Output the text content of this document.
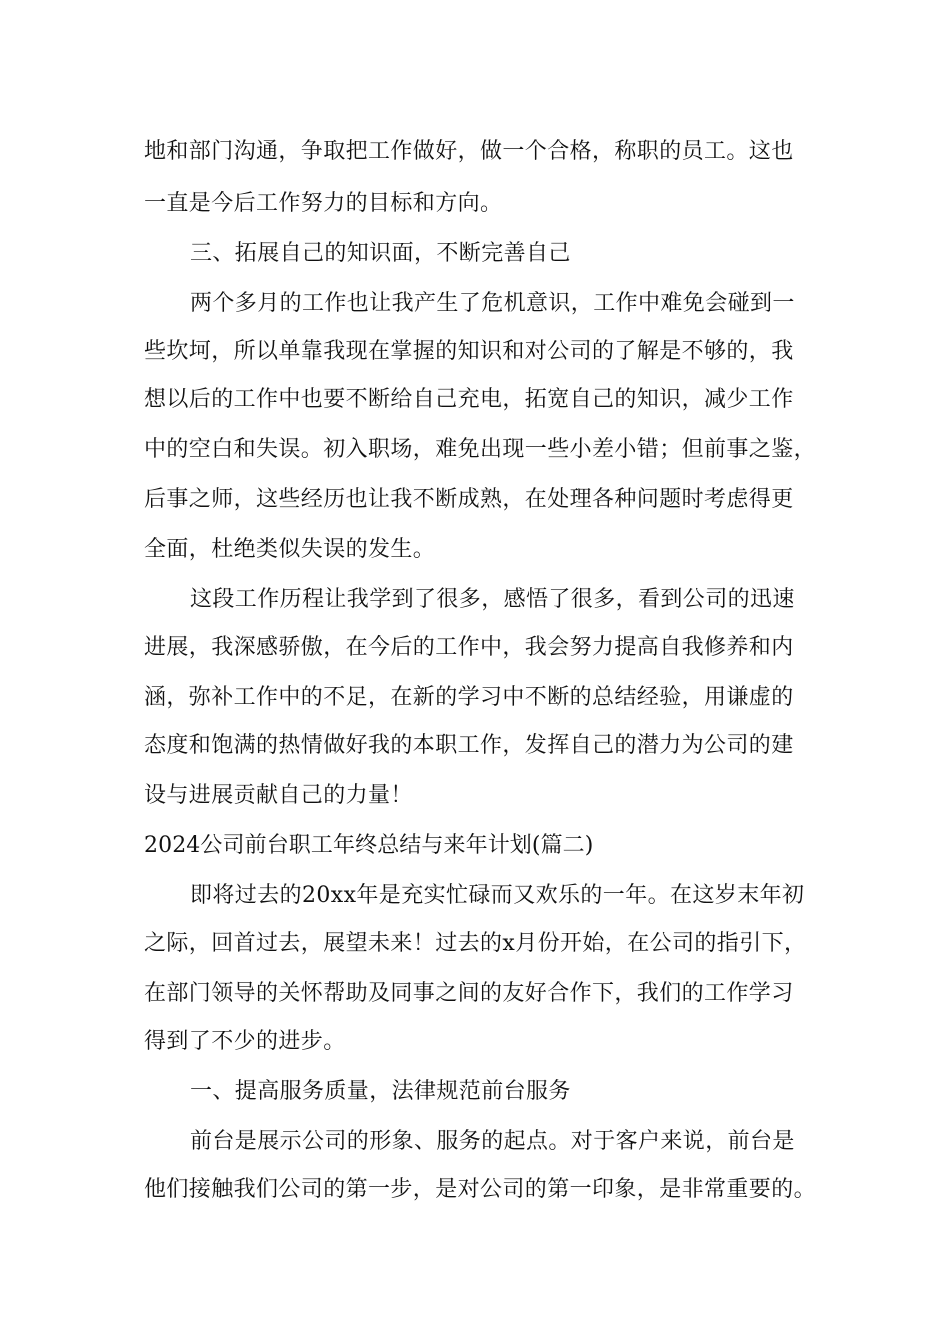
地和部门沟通，争取把工作做好，做一个合格，称职的员工。这也
一直是今后工作努力的目标和方向。
三、拓展自己的知识面，不断完善自己
两个多月的工作也让我产生了危机意识，工作中难免会碰到一
些坎坷，所以单靠我现在掌握的知识和对公司的了解是不够的，我
想以后的工作中也要不断给自己充电，拓宽自己的知识，减少工作
中的空白和失误。初入职场，难免出现一些小差小错；但前事之鉴，
后事之师，这些经历也让我不断成熟，在处理各种问题时考虑得更
全面，杜绝类似失误的发生。
这段工作历程让我学到了很多，感悟了很多，看到公司的迅速
进展，我深感骄傲，在今后的工作中，我会努力提高自我修养和内
涵，弥补工作中的不足，在新的学习中不断的总结经验，用谦虚的
态度和饱满的热情做好我的本职工作，发挥自己的潜力为公司的建
设与进展贡献自己的力量！
2024公司前台职工年终总结与来年计划(篇二)
即将过去的20xx年是充实忙碌而又欢乐的一年。在这岁末年初
之际，回首过去，展望未来！过去的x月份开始，在公司的指引下，
在部门领导的关怀帮助及同事之间的友好合作下，我们的工作学习
得到了不少的进步。
一、提高服务质量，法律规范前台服务
前台是展示公司的形象、服务的起点。对于客户来说，前台是
他们接触我们公司的第一步，是对公司的第一印象，是非常重要的。
